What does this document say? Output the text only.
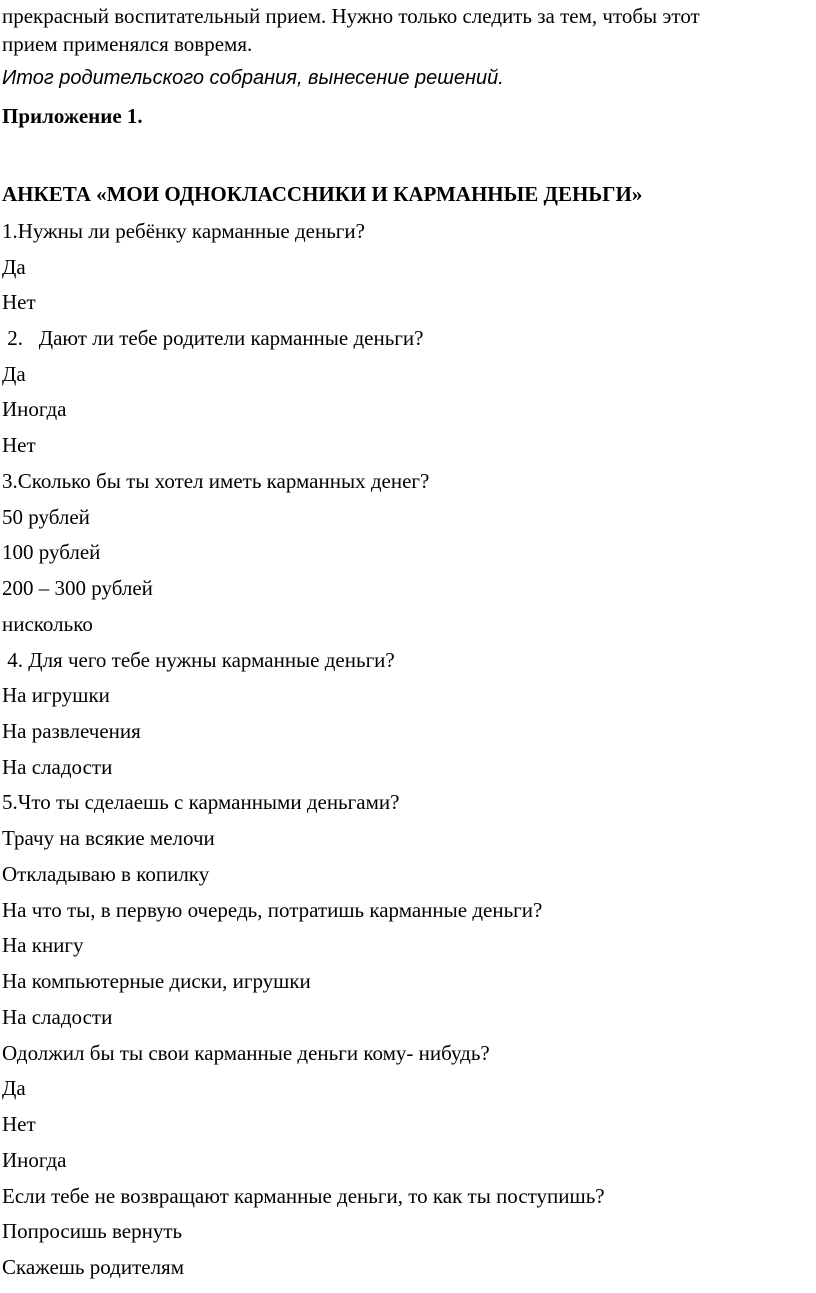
прекрасный воспитательный прием. Нужно только следить за тем, чтобы этот
прием применялся вовремя.
Итог родительского собрания, вынесение решений.
Приложение 1.
АНКЕТА «МОИ ОДНОКЛАССНИКИ И КАРМАННЫЕ ДЕНЬГИ»
1.Нужны ли ребёнку карманные деньги?
Да
Нет
2.   Дают ли тебе родители карманные деньги?
Да
Иногда
Нет
3.Сколько бы ты хотел иметь карманных денег?
50 рублей
100 рублей
200 – 300 рублей
нисколько
4. Для чего тебе нужны карманные деньги?
На игрушки
На развлечения
На сладости
5.Что ты сделаешь с карманными деньгами?
Трачу на всякие мелочи
Откладываю в копилку
На что ты, в первую очередь, потратишь карманные деньги?
На книгу
На компьютерные диски, игрушки
На сладости
Одолжил бы ты свои карманные деньги кому- нибудь?
Да
Нет
Иногда
Если тебе не возвращают карманные деньги, то как ты поступишь?
Попросишь вернуть
Скажешь родителям
